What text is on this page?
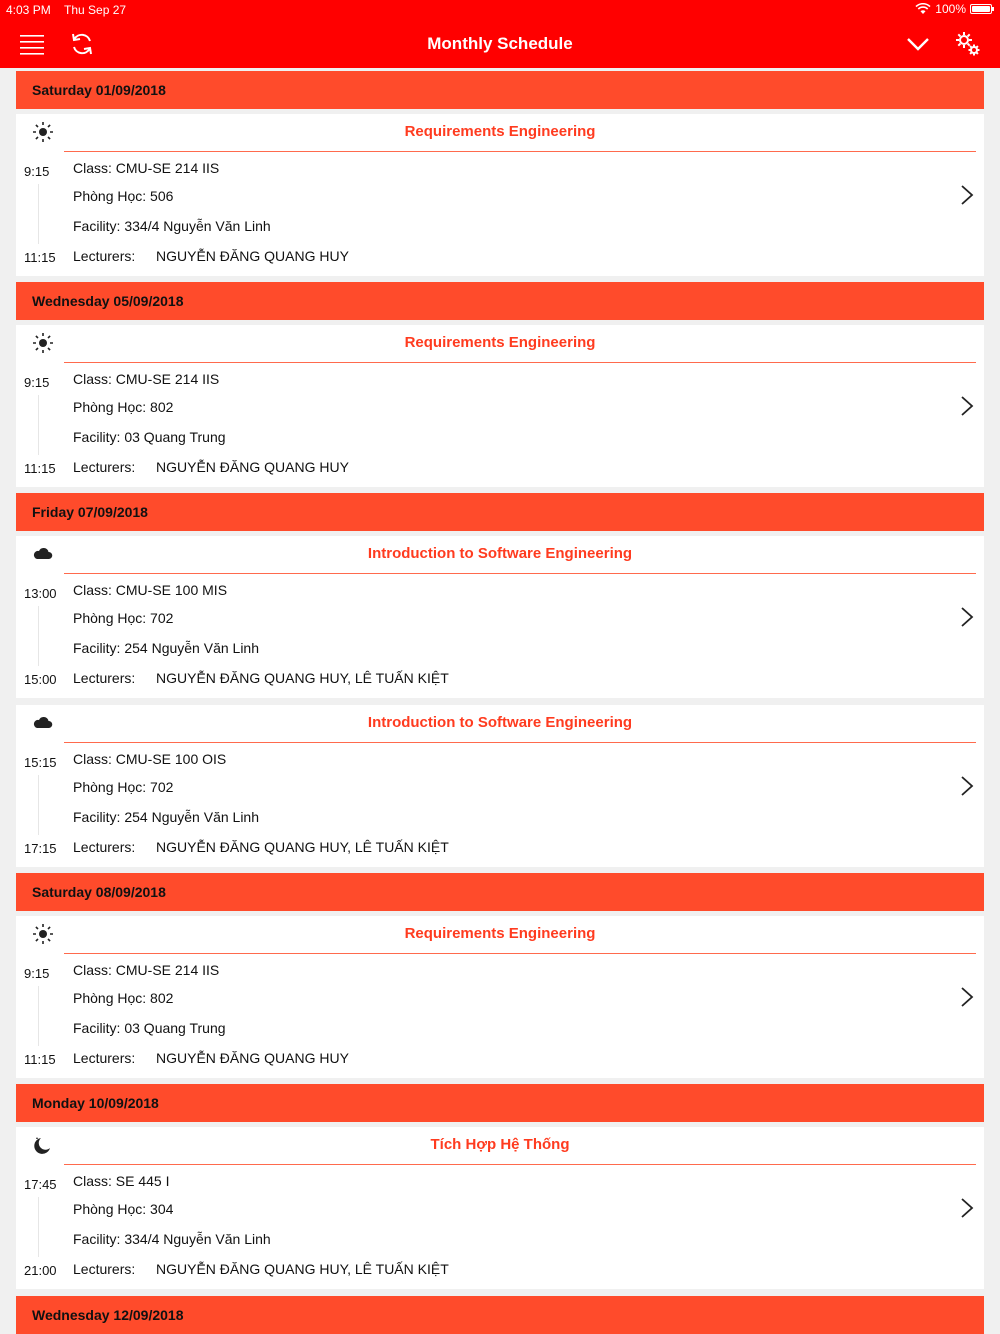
4:03 PM Thu Sep 27	100%
Monthly Schedule
Saturday 01/09/2018
Requirements Engineering
9:15
11:15
Class: CMU-SE 214 IIS
Phòng Học: 506
Facility: 334/4 Nguyễn Văn Linh
Lecturers: NGUYỄN ĐĂNG QUANG HUY
Wednesday 05/09/2018
Requirements Engineering
9:15
11:15
Class: CMU-SE 214 IIS
Phòng Học: 802
Facility: 03 Quang Trung
Lecturers: NGUYỄN ĐĂNG QUANG HUY
Friday 07/09/2018
Introduction to Software Engineering
13:00
15:00
Class: CMU-SE 100 MIS
Phòng Học: 702
Facility: 254 Nguyễn Văn Linh
Lecturers: NGUYỄN ĐĂNG QUANG HUY, LÊ TUẤN KIỆT
Introduction to Software Engineering
15:15
17:15
Class: CMU-SE 100 OIS
Phòng Học: 702
Facility: 254 Nguyễn Văn Linh
Lecturers: NGUYỄN ĐĂNG QUANG HUY, LÊ TUẤN KIỆT
Saturday 08/09/2018
Requirements Engineering
9:15
11:15
Class: CMU-SE 214 IIS
Phòng Học: 802
Facility: 03 Quang Trung
Lecturers: NGUYỄN ĐĂNG QUANG HUY
Monday 10/09/2018
Tích Hợp Hệ Thống
17:45
21:00
Class: SE 445 I
Phòng Học: 304
Facility: 334/4 Nguyễn Văn Linh
Lecturers: NGUYỄN ĐĂNG QUANG HUY, LÊ TUẤN KIỆT
Wednesday 12/09/2018
